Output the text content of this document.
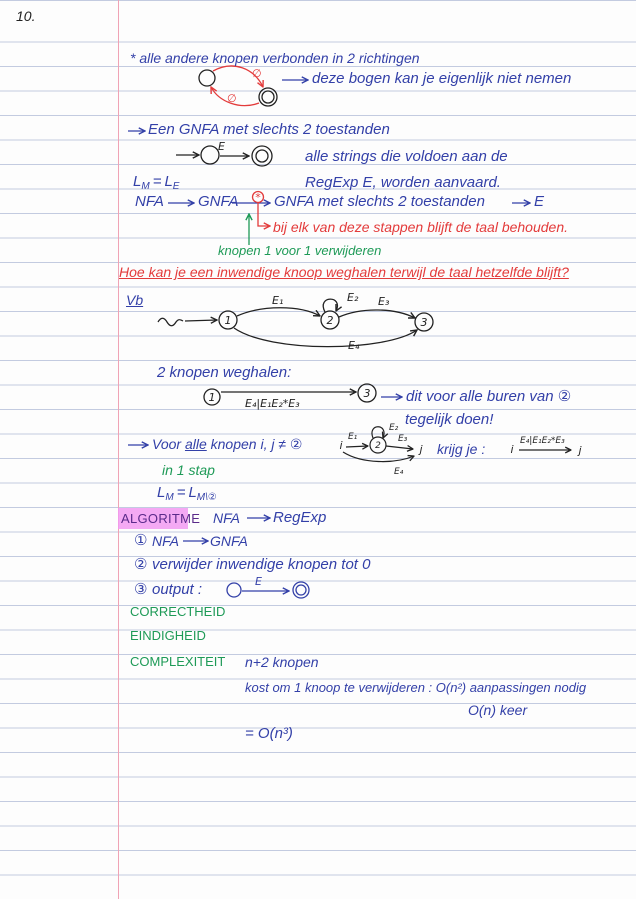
∅
∅
E
*
1
E₁
2
E₂ E₃
3
E₄
1	E₄|E₁E₂*E₃
3
i
E₁
2
E₂
E₃
j
E₄
i
E₄|E₁E₂*E₃
j
E
10.
* alle andere knopen verbonden in 2 richtingen
deze bogen kan je eigenlijk niet nemen
Een GNFA met slechts 2 toestanden
alle strings die voldoen aan de
RegExp E, worden aanvaard.
$L_M = L_E$
NFA GNFA GNFA met slechts 2 toestanden	E
bij elk van deze stappen blijft de taal behouden.
knopen 1 voor 1 verwijderen
Hoe kan je een inwendige knoop weghalen terwijl de taal hetzelfde blijft?
Vb
2 knopen weghalen:
dit voor alle buren van ②
tegelijk doen!
Voor alle knopen i, j ≠ ②	krijg je :
in 1 stap
$L_M = L_{M\backslash ②}$
ALGORITME NFA RegExp
① NFA GNFA
② verwijder inwendige knopen tot 0
③ output :
CORRECTHEID
EINDIGHEID
COMPLEXITEIT n+2 knopen
kost om 1 knoop te verwijderen : O(n²) aanpassingen nodig
O(n) keer
= O(n³)
